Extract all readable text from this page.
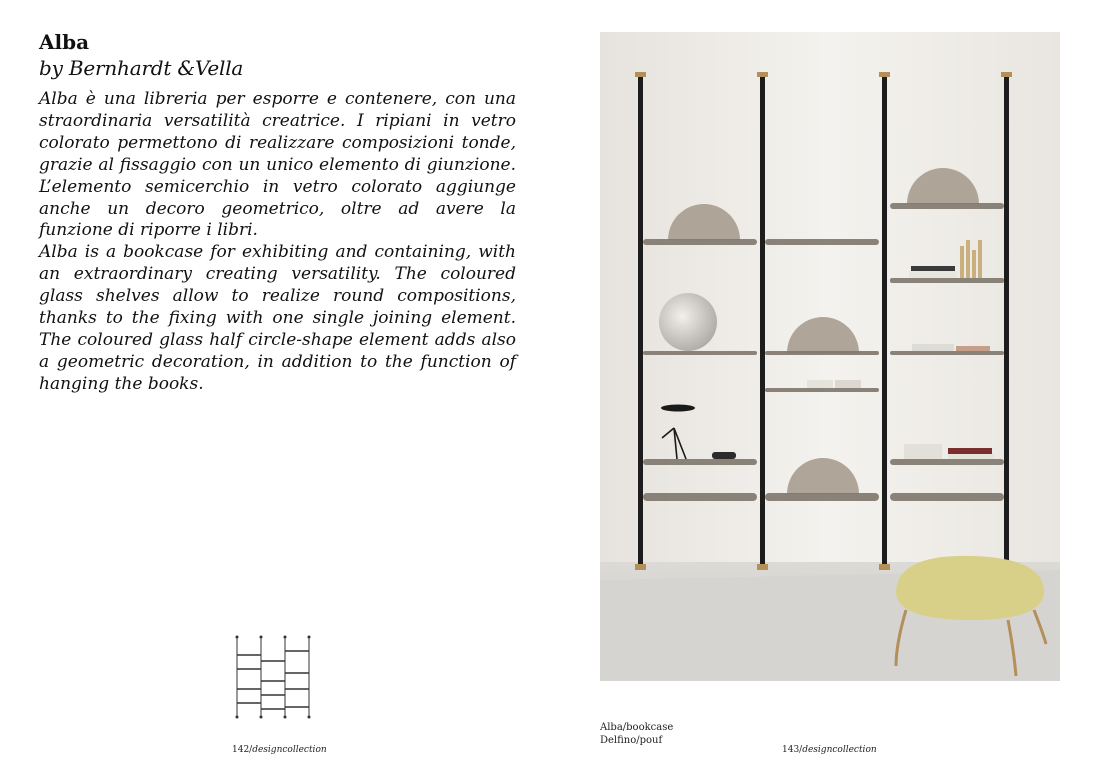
Alba
by Bernhardt &Vella

Alba è una libreria per esporre e contenere, con una straordinaria versatilità creatrice. I ripiani in vetro colorato permettono di realizzare composizioni tonde, grazie al fissaggio con un unico elemento di giunzione. L’elemento semicerchio in vetro colorato aggiunge anche un decoro geometrico, oltre ad avere la funzione di riporre i libri.
Alba is a bookcase for exhibiting and containing, with an extraordinary creating versatility. The coloured glass shelves allow to realize round compositions, thanks to the fixing with one single joining element. The coloured glass half circle-shape element adds also a geometric decoration, in addition to the function of hanging the books.

142/designcollection
Alba/bookcase
Delfino/pouf
143/designcollection
